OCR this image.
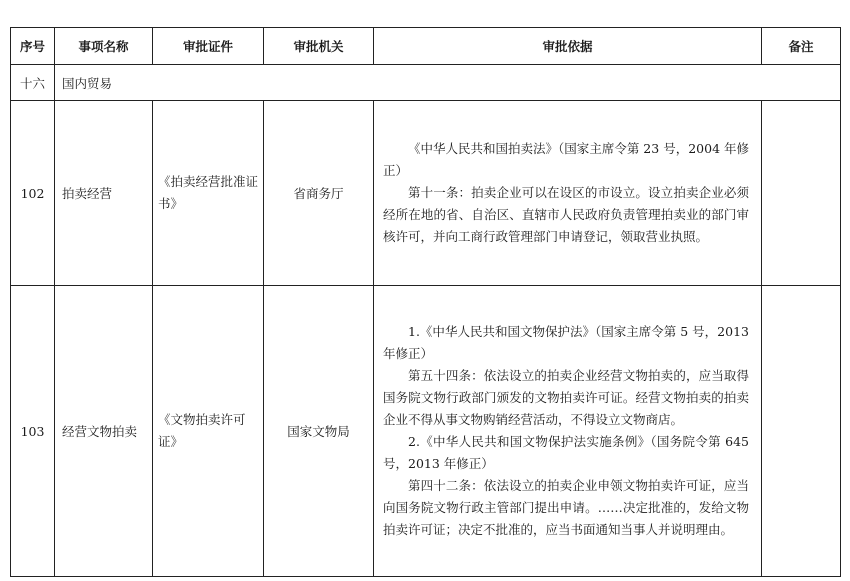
序号	事项名称	审批证件	审批机关	审批依据	备注
十六	国内贸易				
102	拍卖经营	《拍卖经营批准证书》	省商务厅	《中华人民共和国拍卖法》（国家主席令第 23 号，2004 年修正）

第十一条：拍卖企业可以在设区的市设立。设立拍卖企业必须经所在地的省、自治区、直辖市人民政府负责管理拍卖业的部门审核许可，并向工商行政管理部门申请登记，领取营业执照。	

103	经营文物拍卖	《文物拍卖许可证》	国家文物局	1.《中华人民共和国文物保护法》（国家主席令第 5 号，2013 年修正）

第五十四条：依法设立的拍卖企业经营文物拍卖的，应当取得国务院文物行政部门颁发的文物拍卖许可证。经营文物拍卖的拍卖企业不得从事文物购销经营活动，不得设立文物商店。

2.《中华人民共和国文物保护法实施条例》（国务院令第 645 号，2013 年修正）

第四十二条：依法设立的拍卖企业申领文物拍卖许可证，应当向国务院文物行政主管部门提出申请。……决定批准的，发给文物拍卖许可证；决定不批准的，应当书面通知当事人并说明理由。	
